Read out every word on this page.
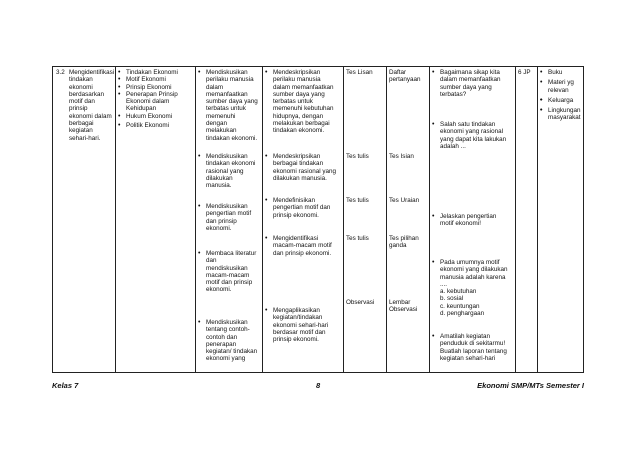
3.2 Mengidentifikasi tindakan ekonomi berdasarkan motif dan prinsip ekonomi dalam berbagai kegiatan sehari-hari.

• Tindakan Ekonomi

• Motif Ekonomi

• Prinsip Ekonomi

• Penerapan Prinsip Ekonomi dalam Kehidupan

• Hukum Ekonomi

• Politik Ekonomi

• Mendiskusikan perilaku manusia dalam memanfaatkan sumber daya yang terbatas untuk memenuhi dengan melakukan tindakan ekonomi.

• Mendiskusikan tindakan ekonomi rasional yang dilakukan manusia.

• Mendiskusikan pengertian motif dan prinsip ekonomi.

• Membaca literatur dan mendiskusikan macam-macam motif dan prinsip ekonomi.

• Mendiskusikan tentang contoh-contoh dan penerapan kegiatan/ tindakan ekonomi yang

• Mendeskripsikan perilaku manusia dalam memanfaatkan sumber daya yang terbatas untuk memenuhi kebutuhan hidupnya, dengan melakukan berbagai tindakan ekonomi.

• Mendeskripsikan berbagai tindakan ekonomi rasional yang dilakukan manusia.

• Mendefinisikan pengertian motif dan prinsip ekonomi.

• Mengidentifikasi macam-macam motif dan prinsip ekonomi.

• Mengaplikasikan kegiatan/tindakan ekonomi sehari-hari berdasar motif dan prinsip ekonomi.

Tes Lisan

Tes tulis

Tes tulis

Tes tulis

Observasi

Daftar pertanyaan

Tes Isian

Tes Uraian

Tes pilihan ganda

Lembar Observasi

• Bagaimana sikap kita dalam memanfaatkan sumber daya yang terbatas?

• Salah satu tindakan ekonomi yang rasional yang dapat kita lakukan adalah ...

• Jelaskan pengertian motif ekonomi!

• Pada umumnya motif ekonomi yang dilakukan manusia adalah karena ....

a. kebutuhan

b. sosial

c. keuntungan

d. penghargaan

• Amatilah kegiatan penduduk di sekitarmu! Buatlah laporan tentang kegiatan sehari-hari

6 JP

•	Buku

• Materi yg relevan

• Keluarga

• Lingkungan masyarakat

Kelas 7	8	Ekonomi SMP/MTs Semester I
